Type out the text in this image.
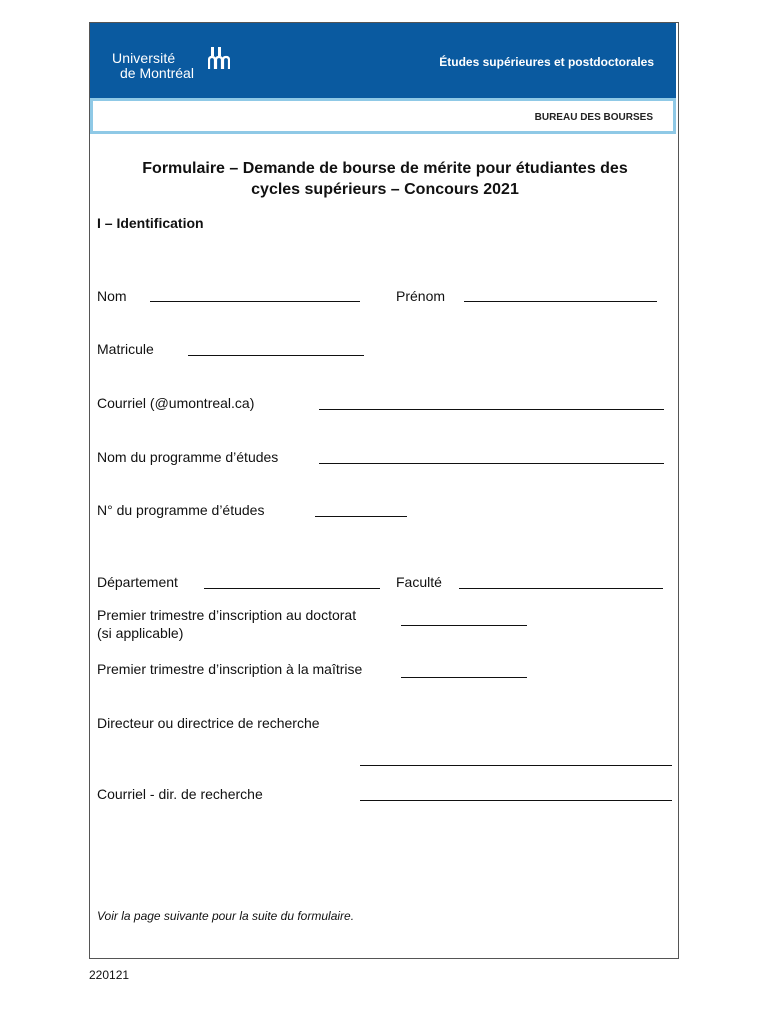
Université
de Montréal
Études supérieures et postdoctorales
BUREAU DES BOURSES
Formulaire – Demande de bourse de mérite pour étudiantes des
cycles supérieurs – Concours 2021
I – Identification
Nom	Prénom
Matricule
Courriel (@umontreal.ca)
Nom du programme d’études
N° du programme d’études
Département	Faculté
Premier trimestre d’inscription au doctorat
(si applicable)
Premier trimestre d’inscription à la maîtrise
Directeur ou directrice de recherche
Courriel - dir. de recherche
Voir la page suivante pour la suite du formulaire.
220121
